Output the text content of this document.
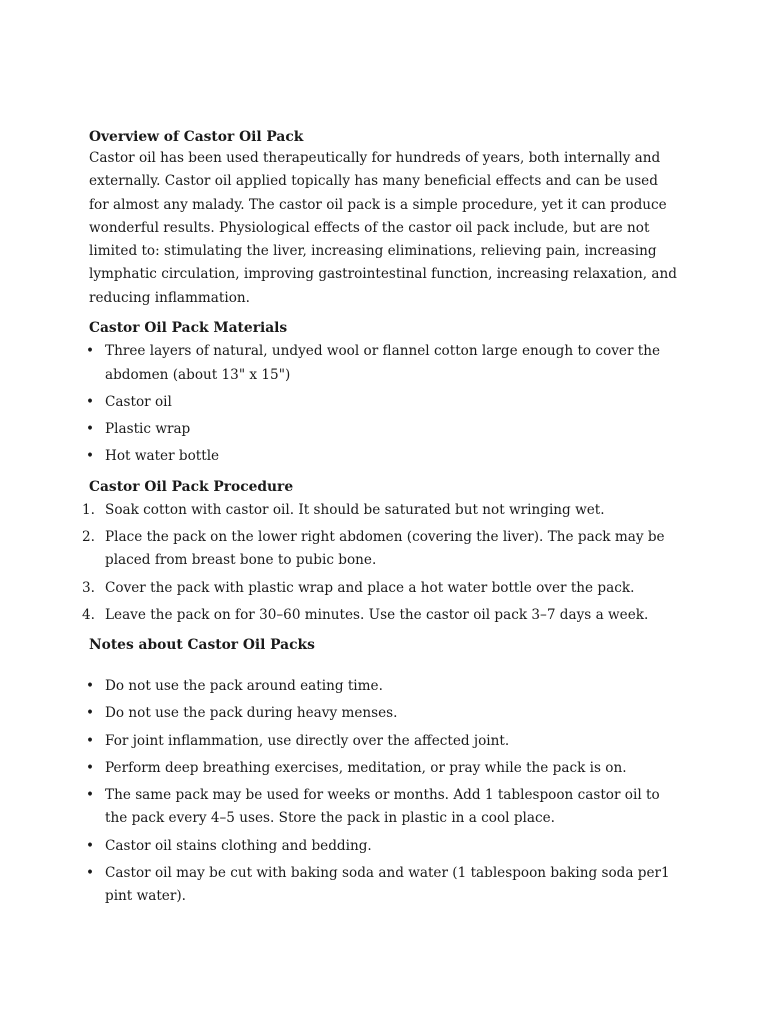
Overview of Castor Oil Pack

Castor oil has been used therapeutically for hundreds of years, both internally and externally. Castor oil applied topically has many beneficial effects and can be used for almost any malady. The castor oil pack is a simple procedure, yet it can produce wonderful results. Physiological effects of the castor oil pack include, but are not limited to: stimulating the liver, increasing eliminations, relieving pain, increasing lymphatic circulation, improving gastrointestinal function, increasing relaxation, and reducing inflammation.

Castor Oil Pack Materials
• Three layers of natural, undyed wool or flannel cotton large enough to cover the abdomen (about 13" x 15")
• Castor oil
• Plastic wrap
• Hot water bottle
Castor Oil Pack Procedure
1. Soak cotton with castor oil. It should be saturated but not wringing wet.
2. Place the pack on the lower right abdomen (covering the liver). The pack may be placed from breast bone to pubic bone.
3. Cover the pack with plastic wrap and place a hot water bottle over the pack.
4. Leave the pack on for 30–60 minutes. Use the castor oil pack 3–7 days a week.
Notes about Castor Oil Packs
• Do not use the pack around eating time.
• Do not use the pack during heavy menses.
• For joint inflammation, use directly over the affected joint.
• Perform deep breathing exercises, meditation, or pray while the pack is on.
• The same pack may be used for weeks or months. Add 1 tablespoon castor oil to the pack every 4–5 uses. Store the pack in plastic in a cool place.
• Castor oil stains clothing and bedding.
• Castor oil may be cut with baking soda and water (1 tablespoon baking soda per1 pint water).
